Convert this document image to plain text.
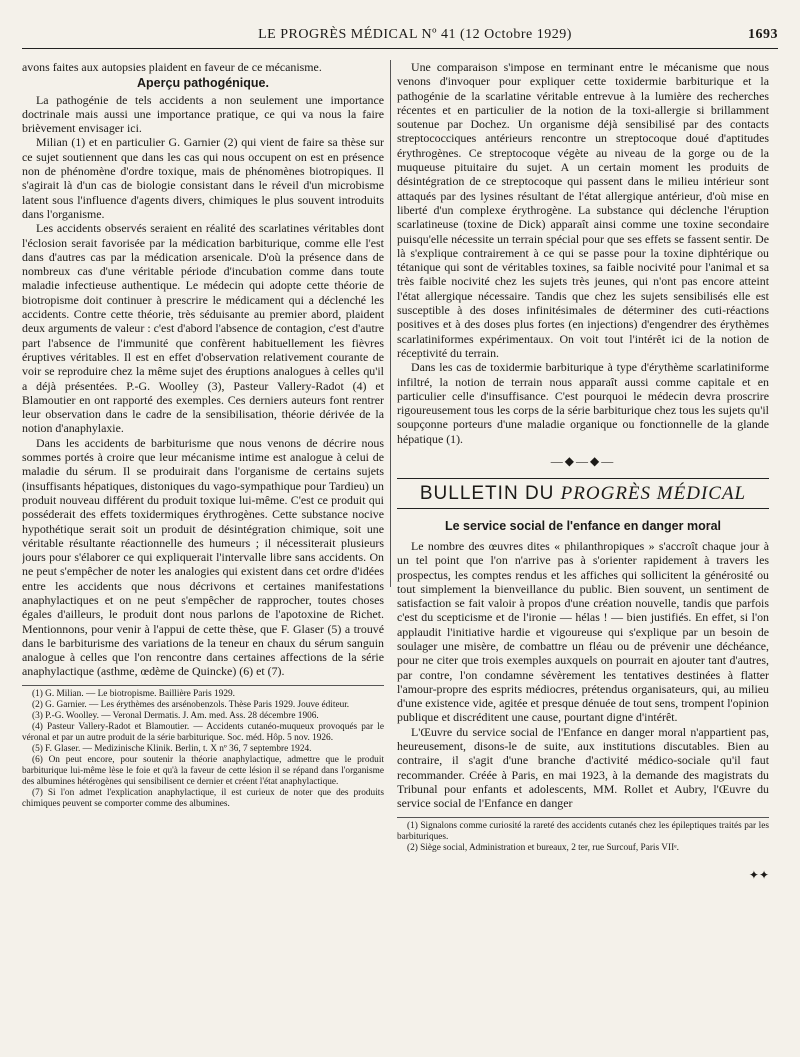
LE PROGRÈS MÉDICAL Nº 41 (12 Octobre 1929)	1693

avons faites aux autopsies plaident en faveur de ce mécanisme.

Aperçu pathogénique.

La pathogénie de tels accidents a non seulement une importance doctrinale mais aussi une importance pratique, ce qui va nous la faire brièvement envisager ici.

Milian (1) et en particulier G. Garnier (2) qui vient de faire sa thèse sur ce sujet soutiennent que dans les cas qui nous occupent on est en présence non de phénomène d'ordre toxique, mais de phénomènes biotropiques. Il s'agirait là d'un cas de biologie consistant dans le réveil d'un microbisme latent sous l'influence d'agents divers, chimiques le plus souvent introduits dans l'organisme.

Les accidents observés seraient en réalité des scarlatines véritables dont l'éclosion serait favorisée par la médication barbiturique, comme elle l'est dans d'autres cas par la médication arsenicale. D'où la présence dans de nombreux cas d'une véritable période d'incubation comme dans toute maladie infectieuse authentique. Le médecin qui adopte cette théorie de biotropisme doit continuer à prescrire le médicament qui a déclenché les accidents. Contre cette théorie, très séduisante au premier abord, plaident deux arguments de valeur : c'est d'abord l'absence de contagion, c'est d'autre part l'absence de l'immunité que confèrent habituellement les fièvres éruptives véritables. Il est en effet d'observation relativement courante de voir se reproduire chez la même sujet des éruptions analogues à celles qu'il a déjà présentées. P.-G. Woolley (3), Pasteur Vallery-Radot (4) et Blamoutier en ont rapporté des exemples. Ces derniers auteurs font rentrer leur observation dans le cadre de la sensibilisation, théorie dérivée de la notion d'anaphylaxie.

Dans les accidents de barbiturisme que nous venons de décrire nous sommes portés à croire que leur mécanisme intime est analogue à celui de maladie du sérum. Il se produirait dans l'organisme de certains sujets (insuffisants hépatiques, distoniques du vago-sympathique pour Tardieu) un produit nouveau différent du produit toxique lui-même. C'est ce produit qui posséderait des effets toxidermiques érythrogènes. Cette substance nocive hypothétique serait soit un produit de désintégration chimique, soit une véritable résultante réactionnelle des humeurs ; il nécessiterait plusieurs jours pour s'élaborer ce qui expliquerait l'intervalle libre sans accidents. On ne peut s'empêcher de noter les analogies qui existent dans cet ordre d'idées entre les accidents que nous décrivons et certaines manifestations anaphylactiques et on ne peut s'empêcher de rapprocher, toutes choses égales d'ailleurs, le produit dont nous parlons de l'apotoxine de Richet. Mentionnons, pour venir à l'appui de cette thèse, que F. Glaser (5) a trouvé dans le barbiturisme des variations de la teneur en chaux du sérum sanguin analogue à celles que l'on rencontre dans certaines affections de la série anaphylactique (asthme, œdème de Quincke) (6) et (7).

(1) G. Milian. — Le biotropisme. Baillière Paris 1929.

(2) G. Garnier. — Les érythèmes des arsénobenzols. Thèse Paris 1929. Jouve éditeur.

(3) P.-G. Woolley. — Veronal Dermatis. J. Am. med. Ass. 28 décembre 1906.

(4) Pasteur Vallery-Radot et Blamoutier. — Accidents cutanéo-muqueux provoqués par le véronal et par un autre produit de la série barbiturique. Soc. méd. Hôp. 5 nov. 1926.

(5) F. Glaser. — Medizinische Klinik. Berlin, t. X nº 36, 7 septembre 1924.

(6) On peut encore, pour soutenir la théorie anaphylactique, admettre que le produit barbiturique lui-même lèse le foie et qu'à la faveur de cette lésion il se répand dans l'organisme des albumines hétérogènes qui sensibilisent ce dernier et créent l'état anaphylactique.

(7) Si l'on admet l'explication anaphylactique, il est curieux de noter que des produits chimiques peuvent se comporter comme des albumines.

Une comparaison s'impose en terminant entre le mécanisme que nous venons d'invoquer pour expliquer cette toxidermie barbiturique et la pathogénie de la scarlatine véritable entrevue à la lumière des recherches récentes et en particulier de la notion de la toxi-allergie si brillamment soutenue par Dochez. Un organisme déjà sensibilisé par des contacts streptococciques antérieurs rencontre un streptocoque doué d'aptitudes érythrogènes. Ce streptocoque végète au niveau de la gorge ou de la muqueuse pituitaire du sujet. A un certain moment les produits de désintégration de ce streptocoque qui passent dans le milieu intérieur sont attaqués par des lysines résultant de l'état allergique antérieur, d'où mise en liberté d'un complexe érythrogène. La substance qui déclenche l'éruption scarlatineuse (toxine de Dick) apparaît ainsi comme une toxine secondaire puisqu'elle nécessite un terrain spécial pour que ses effets se fassent sentir. De là s'explique contrairement à ce qui se passe pour la toxine diphtérique ou tétanique qui sont de véritables toxines, sa faible nocivité pour l'animal et sa très faible nocivité chez les sujets très jeunes, qui n'ont pas encore atteint l'état allergique nécessaire. Tandis que chez les sujets sensibilisés elle est susceptible à des doses infinitésimales de déterminer des cuti-réactions positives et à des doses plus fortes (en injections) d'engendrer des érythèmes scarlatiniformes expérimentaux. On voit tout l'intérêt ici de la notion de réceptivité du terrain.

Dans les cas de toxidermie barbiturique à type d'érythème scarlatiniforme infiltré, la notion de terrain nous apparaît aussi comme capitale et en particulier celle d'insuffisance. C'est pourquoi le médecin devra proscrire rigoureusement tous les corps de la série barbiturique chez tous les sujets qu'il soupçonne porteurs d'une maladie organique ou fonctionnelle de la glande hépatique (1).

—◆—◆—
BULLETIN DU PROGRÈS MÉDICAL
Le service social de l'enfance en danger moral

Le nombre des œuvres dites « philanthropiques » s'accroît chaque jour à un tel point que l'on n'arrive pas à s'orienter rapidement à travers les prospectus, les comptes rendus et les affiches qui sollicitent la générosité ou tout simplement la bienveillance du public. Bien souvent, un sentiment de satisfaction se fait valoir à propos d'une création nouvelle, tandis que parfois c'est du scepticisme et de l'ironie — hélas ! — bien justifiés. En effet, si l'on applaudit l'initiative hardie et vigoureuse qui s'explique par un besoin de soulager une misère, de combattre un fléau ou de prévenir une déchéance, pour ne citer que trois exemples auxquels on pourrait en ajouter tant d'autres, par contre, l'on condamne sévèrement les tentatives destinées à flatter l'amour-propre des esprits médiocres, prétendus organisateurs, qui, au milieu d'une existence vide, agitée et presque dénuée de tout sens, trompent l'opinion publique et discréditent une cause, pourtant digne d'intérêt.

L'Œuvre du service social de l'Enfance en danger moral n'appartient pas, heureusement, disons-le de suite, aux institutions discutables. Bien au contraire, il s'agit d'une branche d'activité médico-sociale qu'il faut recommander. Créée à Paris, en mai 1923, à la demande des magistrats du Tribunal pour enfants et adolescents, MM. Rollet et Aubry, l'Œuvre du service social de l'Enfance en danger

(1) Signalons comme curiosité la rareté des accidents cutanés chez les épileptiques traités par les barbituriques.

(2) Siège social, Administration et bureaux, 2 ter, rue Surcouf, Paris VIIᵉ.

✦✦
